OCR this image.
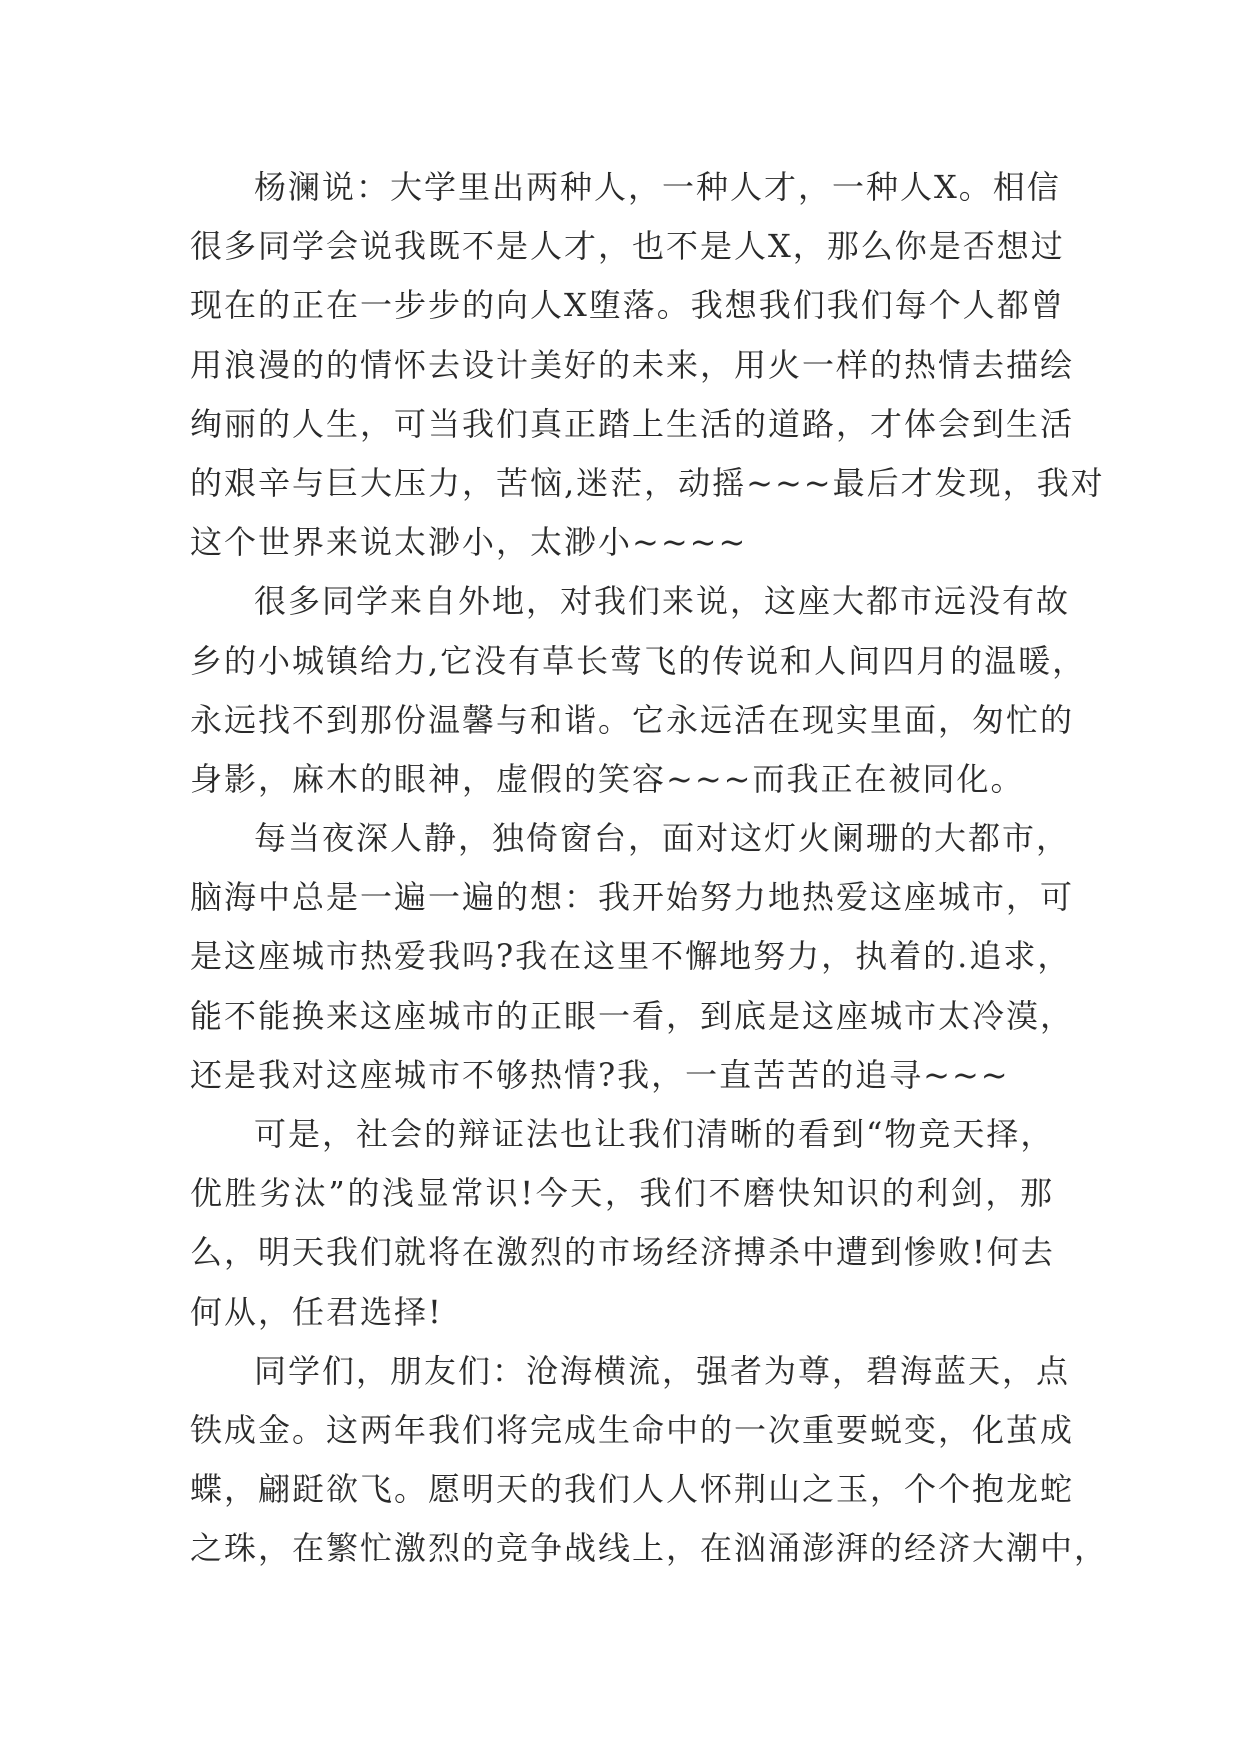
杨澜说：大学里出两种人，一种人才，一种人X。相信
很多同学会说我既不是人才，也不是人X，那么你是否想过
现在的正在一步步的向人X堕落。我想我们我们每个人都曾
用浪漫的的情怀去设计美好的未来，用火一样的热情去描绘
绚丽的人生，可当我们真正踏上生活的道路，才体会到生活
的艰辛与巨大压力，苦恼,迷茫，动摇~~~最后才发现，我对
这个世界来说太渺小，太渺小~~~~
很多同学来自外地，对我们来说，这座大都市远没有故
乡的小城镇给力,它没有草长莺飞的传说和人间四月的温暖，
永远找不到那份温馨与和谐。它永远活在现实里面，匆忙的
身影，麻木的眼神，虚假的笑容~~~而我正在被同化。
每当夜深人静，独倚窗台，面对这灯火阑珊的大都市，
脑海中总是一遍一遍的想：我开始努力地热爱这座城市，可
是这座城市热爱我吗?我在这里不懈地努力，执着的.追求，
能不能换来这座城市的正眼一看，到底是这座城市太冷漠，
还是我对这座城市不够热情?我，一直苦苦的追寻~~~
可是，社会的辩证法也让我们清晰的看到“物竞天择，
优胜劣汰”的浅显常识!今天，我们不磨快知识的利剑，那
么，明天我们就将在激烈的市场经济搏杀中遭到惨败!何去
何从，任君选择!
同学们，朋友们：沧海横流，强者为尊，碧海蓝天，点
铁成金。这两年我们将完成生命中的一次重要蜕变，化茧成
蝶，翩跹欲飞。愿明天的我们人人怀荆山之玉，个个抱龙蛇
之珠，在繁忙激烈的竞争战线上，在汹涌澎湃的经济大潮中，
